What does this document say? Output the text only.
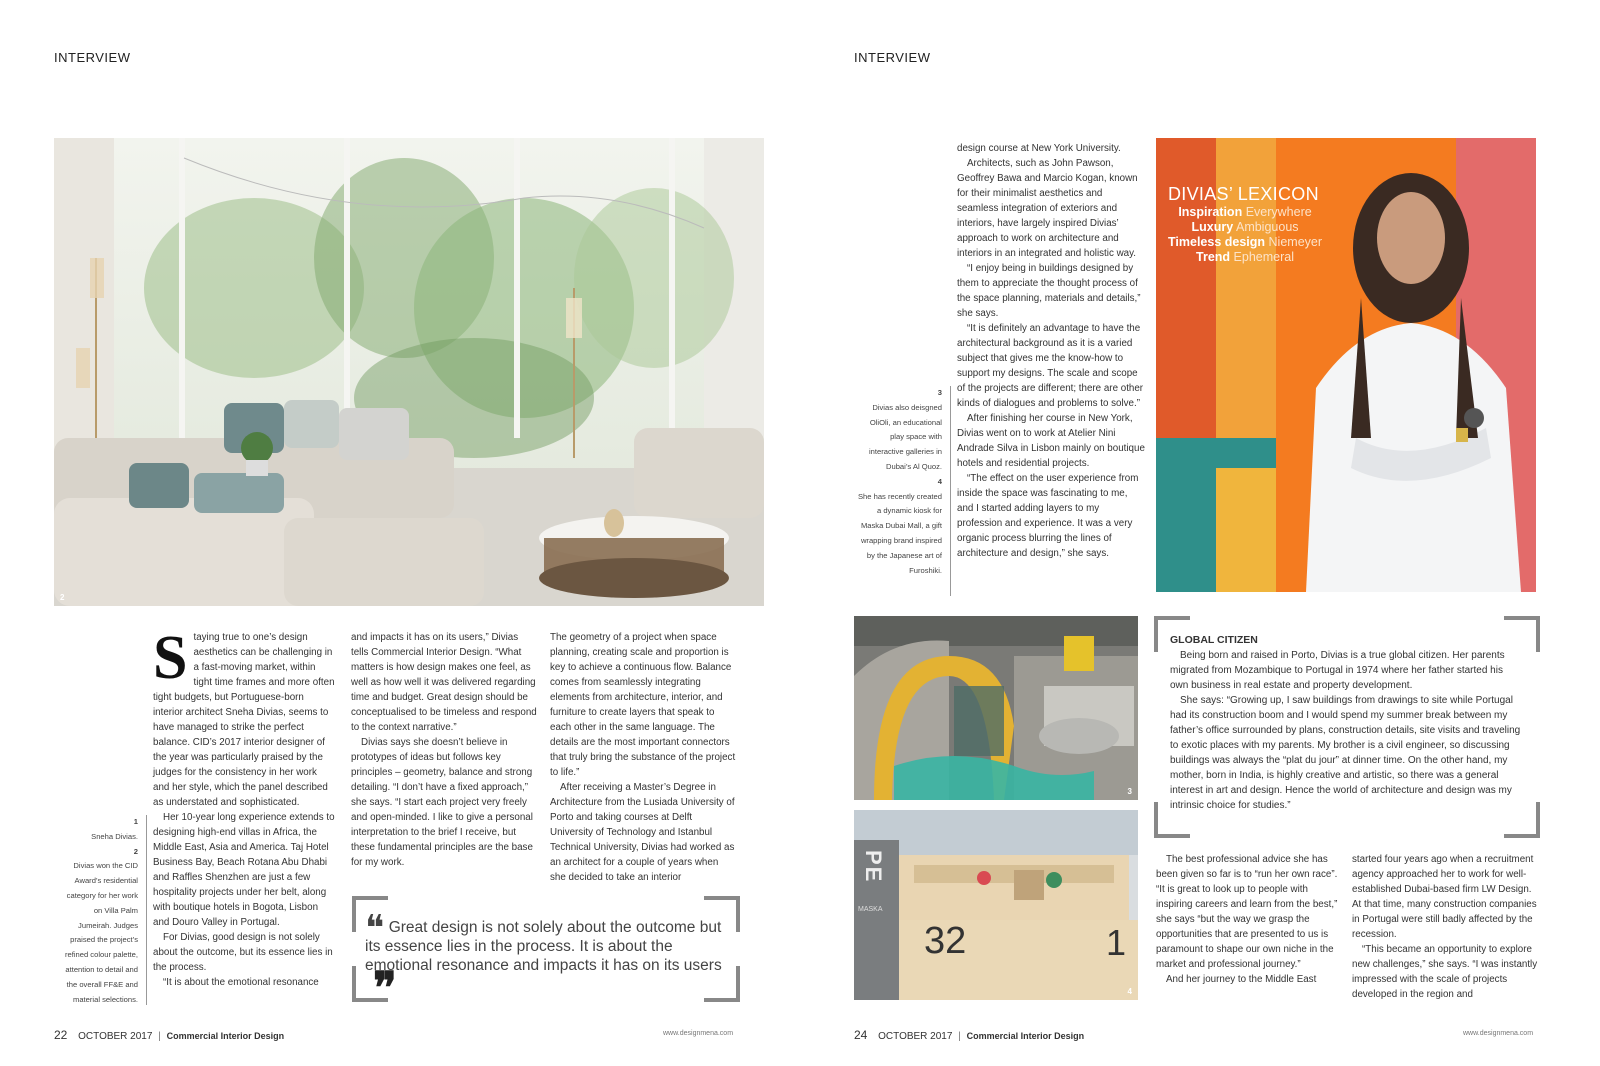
INTERVIEW
2
1
Sneha Divias.
2
Divias won the CID Award’s residential category for her work on Villa Palm Jumeirah. Judges praised the project’s refined colour palette, attention to detail and the overall FF&E and material selections.

Staying true to one’s design aesthetics can be challenging in a fast-moving market, within tight time frames and more often tight budgets, but Portuguese-born interior architect Sneha Divias, seems to have managed to strike the perfect balance. CID’s 2017 interior designer of the year was particularly praised by the judges for the consistency in her work and her style, which the panel described as understated and sophisticated.

Her 10-year long experience extends to designing high-end villas in Africa, the Middle East, Asia and America. Taj Hotel Business Bay, Beach Rotana Abu Dhabi and Raffles Shenzhen are just a few hospitality projects under her belt, along with boutique hotels in Bogota, Lisbon and Douro Valley in Portugal.

For Divias, good design is not solely about the outcome, but its essence lies in the process.

“It is about the emotional resonance

and impacts it has on its users,” Divias tells Commercial Interior Design. “What matters is how design makes one feel, as well as how well it was delivered regarding time and budget. Great design should be conceptualised to be timeless and respond to the context narrative.”

Divias says she doesn’t believe in prototypes of ideas but follows key principles – geometry, balance and strong detailing. “I don’t have a fixed approach,” she says. “I start each project very freely and open-minded. I like to give a personal interpretation to the brief I receive, but these fundamental principles are the base for my work.

The geometry of a project when space planning, creating scale and proportion is key to achieve a continuous flow. Balance comes from seamlessly integrating elements from architecture, interior, and furniture to create layers that speak to each other in the same language. The details are the most important connectors that truly bring the substance of the project to life.”

After receiving a Master’s Degree in Architecture from the Lusiada University of Porto and taking courses at Delft University of Technology and Istanbul Technical University, Divias had worked as an architect for a couple of years when she decided to take an interior

❝ Great design is not solely about the outcome but its essence lies in the process. It is about the emotional resonance and impacts it has on its users ❞
22 OCTOBER 2017 | Commercial Interior Design	www.designmena.com
INTERVIEW

design course at New York University.

Architects, such as John Pawson, Geoffrey Bawa and Marcio Kogan, known for their minimalist aesthetics and seamless integration of exteriors and interiors, have largely inspired Divias’ approach to work on architecture and interiors in an integrated and holistic way.

“I enjoy being in buildings designed by them to appreciate the thought process of the space planning, materials and details,” she says.

“It is definitely an advantage to have the architectural background as it is a varied subject that gives me the know-how to support my designs. The scale and scope of the projects are different; there are other kinds of dialogues and problems to solve.”

After finishing her course in New York, Divias went on to work at Atelier Nini Andrade Silva in Lisbon mainly on boutique hotels and residential projects.

“The effect on the user experience from inside the space was fascinating to me, and I started adding layers to my profession and experience. It was a very organic process blurring the lines of architecture and design,” she says.

3
Divias also deisgned OliOli, an educational play space with interactive galleries in Dubai’s Al Quoz.
4
She has recently created a dynamic kiosk for Maska Dubai Mall, a gift wrapping brand inspired by the Japanese art of Furoshiki.
DIVIAS’ LEXICON
Inspiration Everywhere
Luxury Ambiguous
Timeless design Niemeyer
Trend Ephemeral
3
PE
MASKA
32	1
4
GLOBAL CITIZEN

Being born and raised in Porto, Divias is a true global citizen. Her parents migrated from Mozambique to Portugal in 1974 where her father started his own business in real estate and property development.

She says: “Growing up, I saw buildings from drawings to site while Portugal had its construction boom and I would spend my summer break between my father’s office surrounded by plans, construction details, site visits and traveling to exotic places with my parents. My brother is a civil engineer, so discussing buildings was always the “plat du jour” at dinner time. On the other hand, my mother, born in India, is highly creative and artistic, so there was a general interest in art and design. Hence the world of architecture and design was my intrinsic choice for studies.”

The best professional advice she has been given so far is to “run her own race”. “It is great to look up to people with inspiring careers and learn from the best,” she says “but the way we grasp the opportunities that are presented to us is paramount to shape our own niche in the market and professional journey.”

And her journey to the Middle East

started four years ago when a recruitment agency approached her to work for well-established Dubai-based firm LW Design. At that time, many construction companies in Portugal were still badly affected by the recession.

“This became an opportunity to explore new challenges,” she says. “I was instantly impressed with the scale of projects developed in the region and

24 OCTOBER 2017 | Commercial Interior Design	www.designmena.com
